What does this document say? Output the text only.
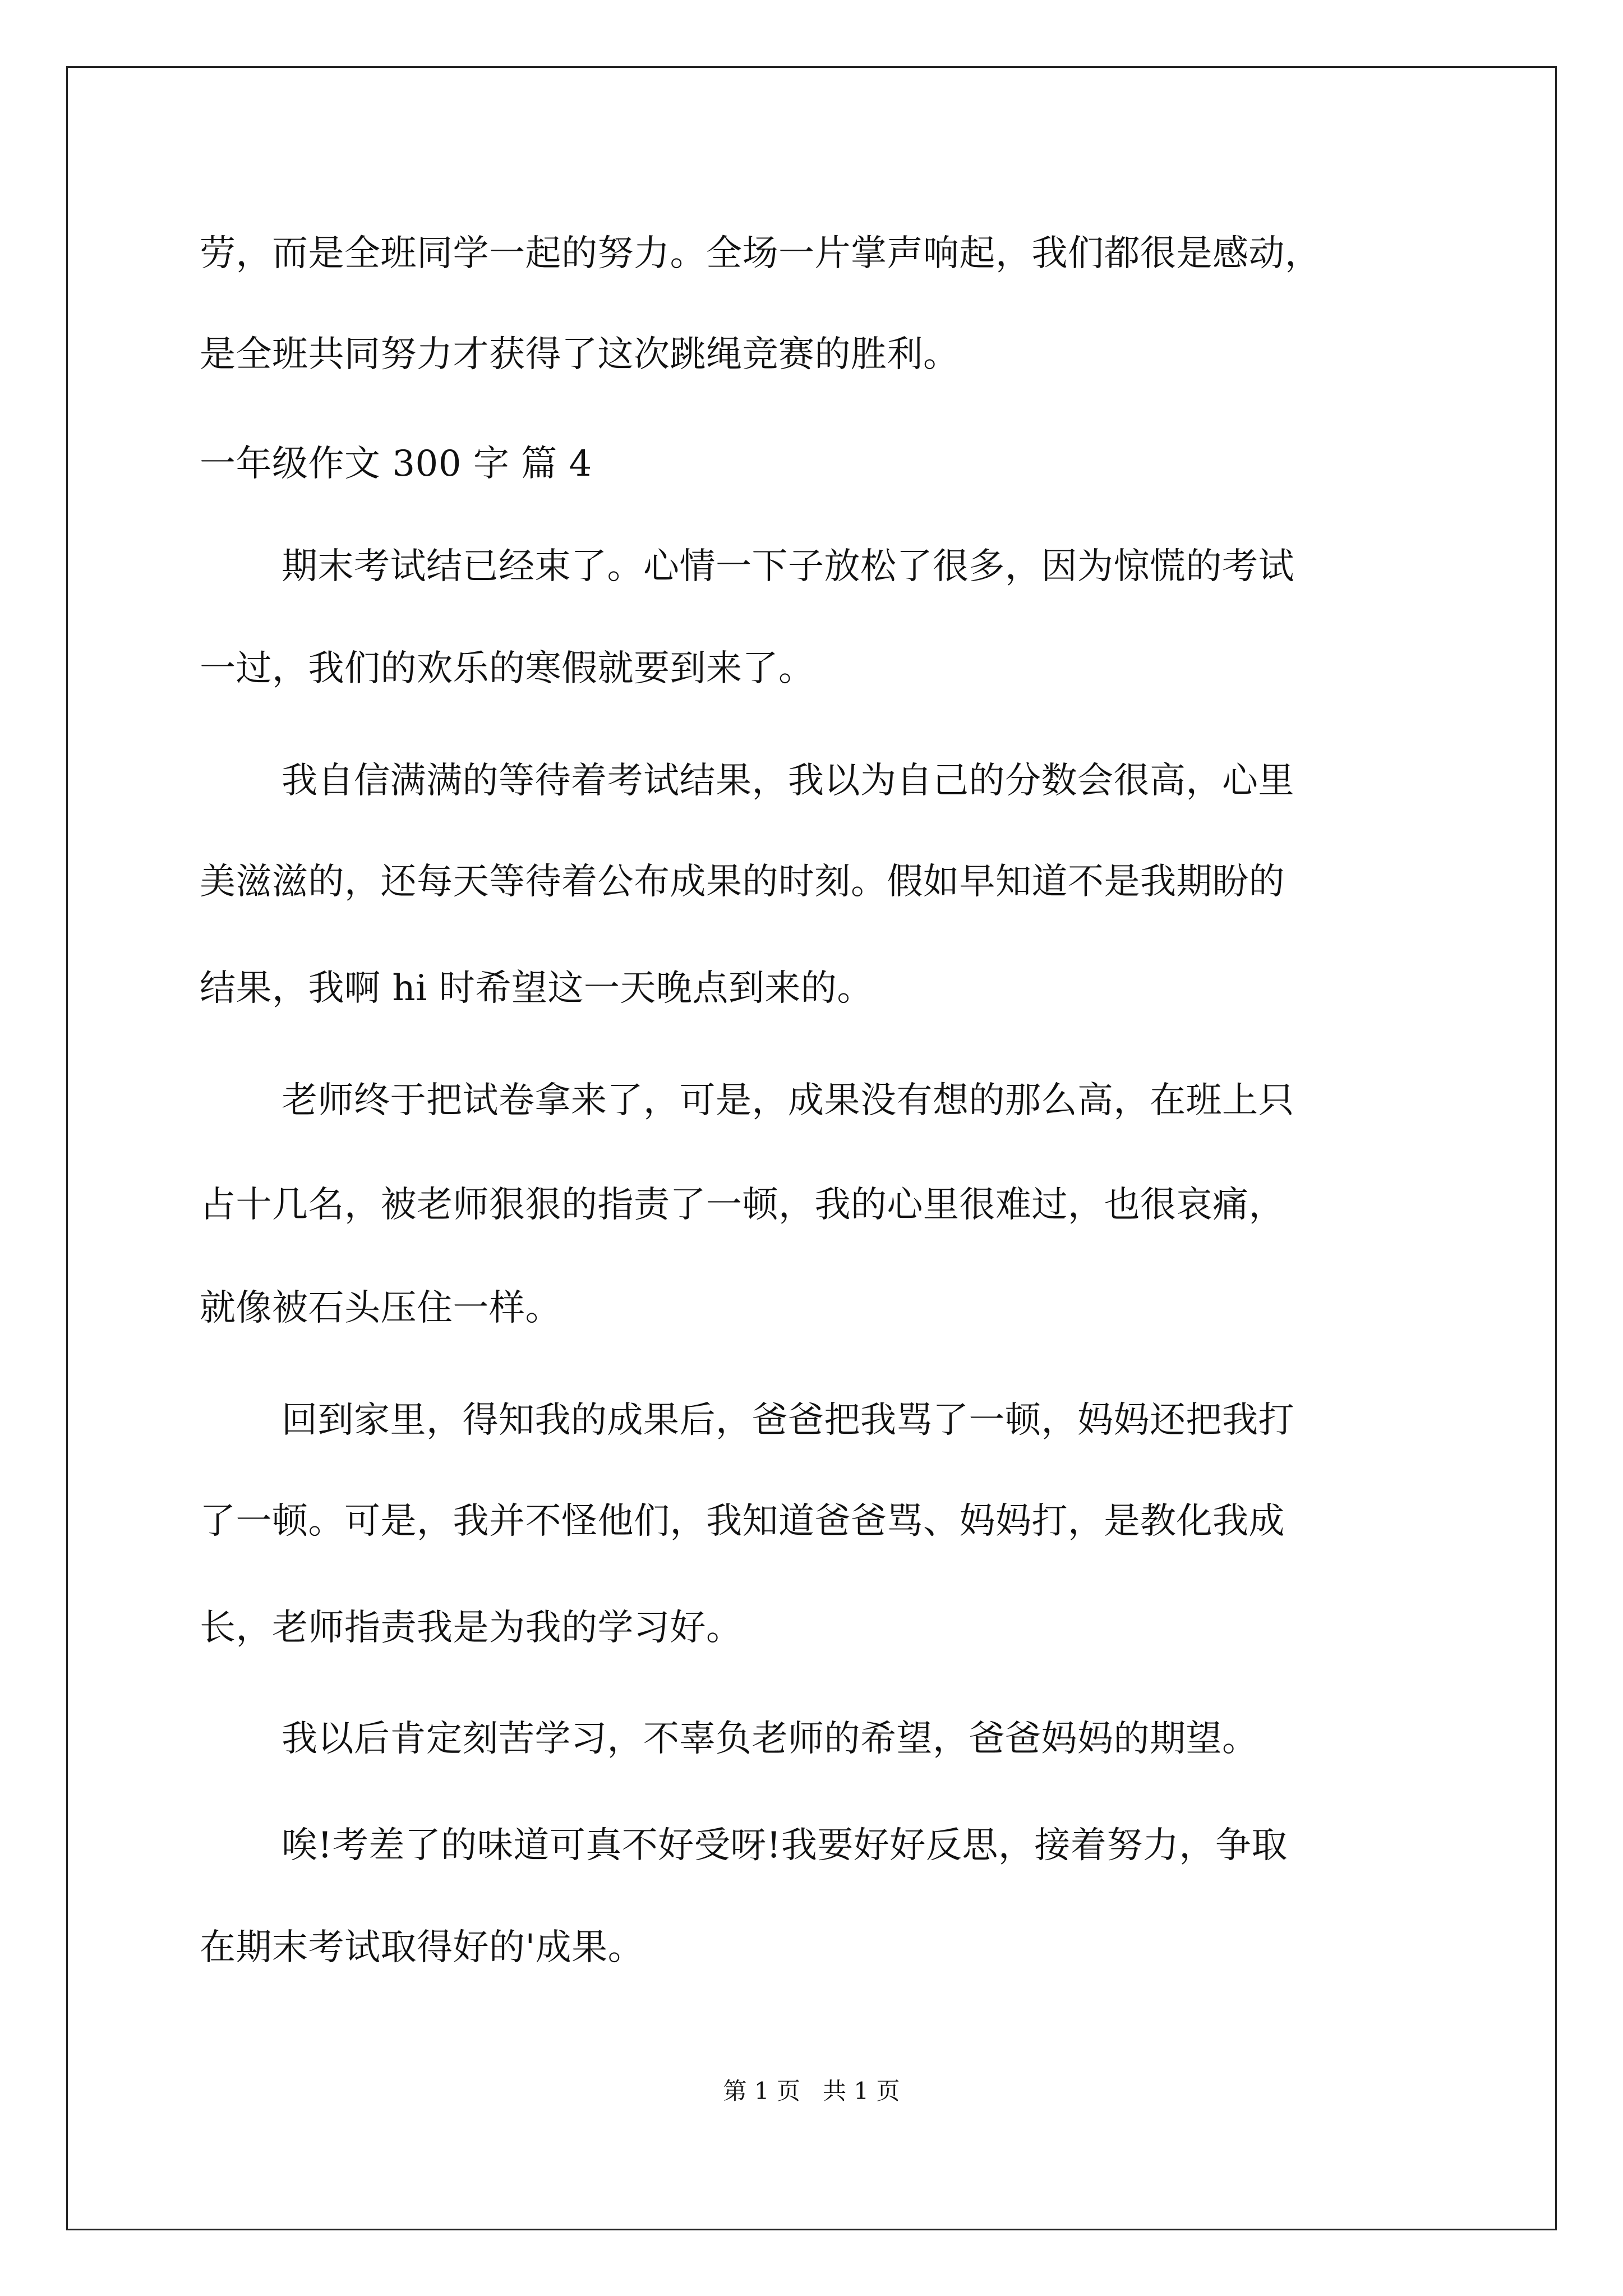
劳，而是全班同学一起的努力。全场一片掌声响起，我们都很是感动，
是全班共同努力才获得了这次跳绳竞赛的胜利。
一年级作文 300 字 篇 4
期末考试结已经束了。心情一下子放松了很多，因为惊慌的考试
一过，我们的欢乐的寒假就要到来了。
我自信满满的等待着考试结果，我以为自己的分数会很高，心里
美滋滋的，还每天等待着公布成果的时刻。假如早知道不是我期盼的
结果，我啊 hi 时希望这一天晚点到来的。
老师终于把试卷拿来了，可是，成果没有想的那么高，在班上只
占十几名，被老师狠狠的指责了一顿，我的心里很难过，也很哀痛，
就像被石头压住一样。
回到家里，得知我的成果后，爸爸把我骂了一顿，妈妈还把我打
了一顿。可是，我并不怪他们，我知道爸爸骂、妈妈打，是教化我成
长，老师指责我是为我的学习好。
我以后肯定刻苦学习，不辜负老师的希望，爸爸妈妈的期望。
唉!考差了的味道可真不好受呀!我要好好反思，接着努力，争取
在期末考试取得好的'成果。
第 1 页   共 1 页
